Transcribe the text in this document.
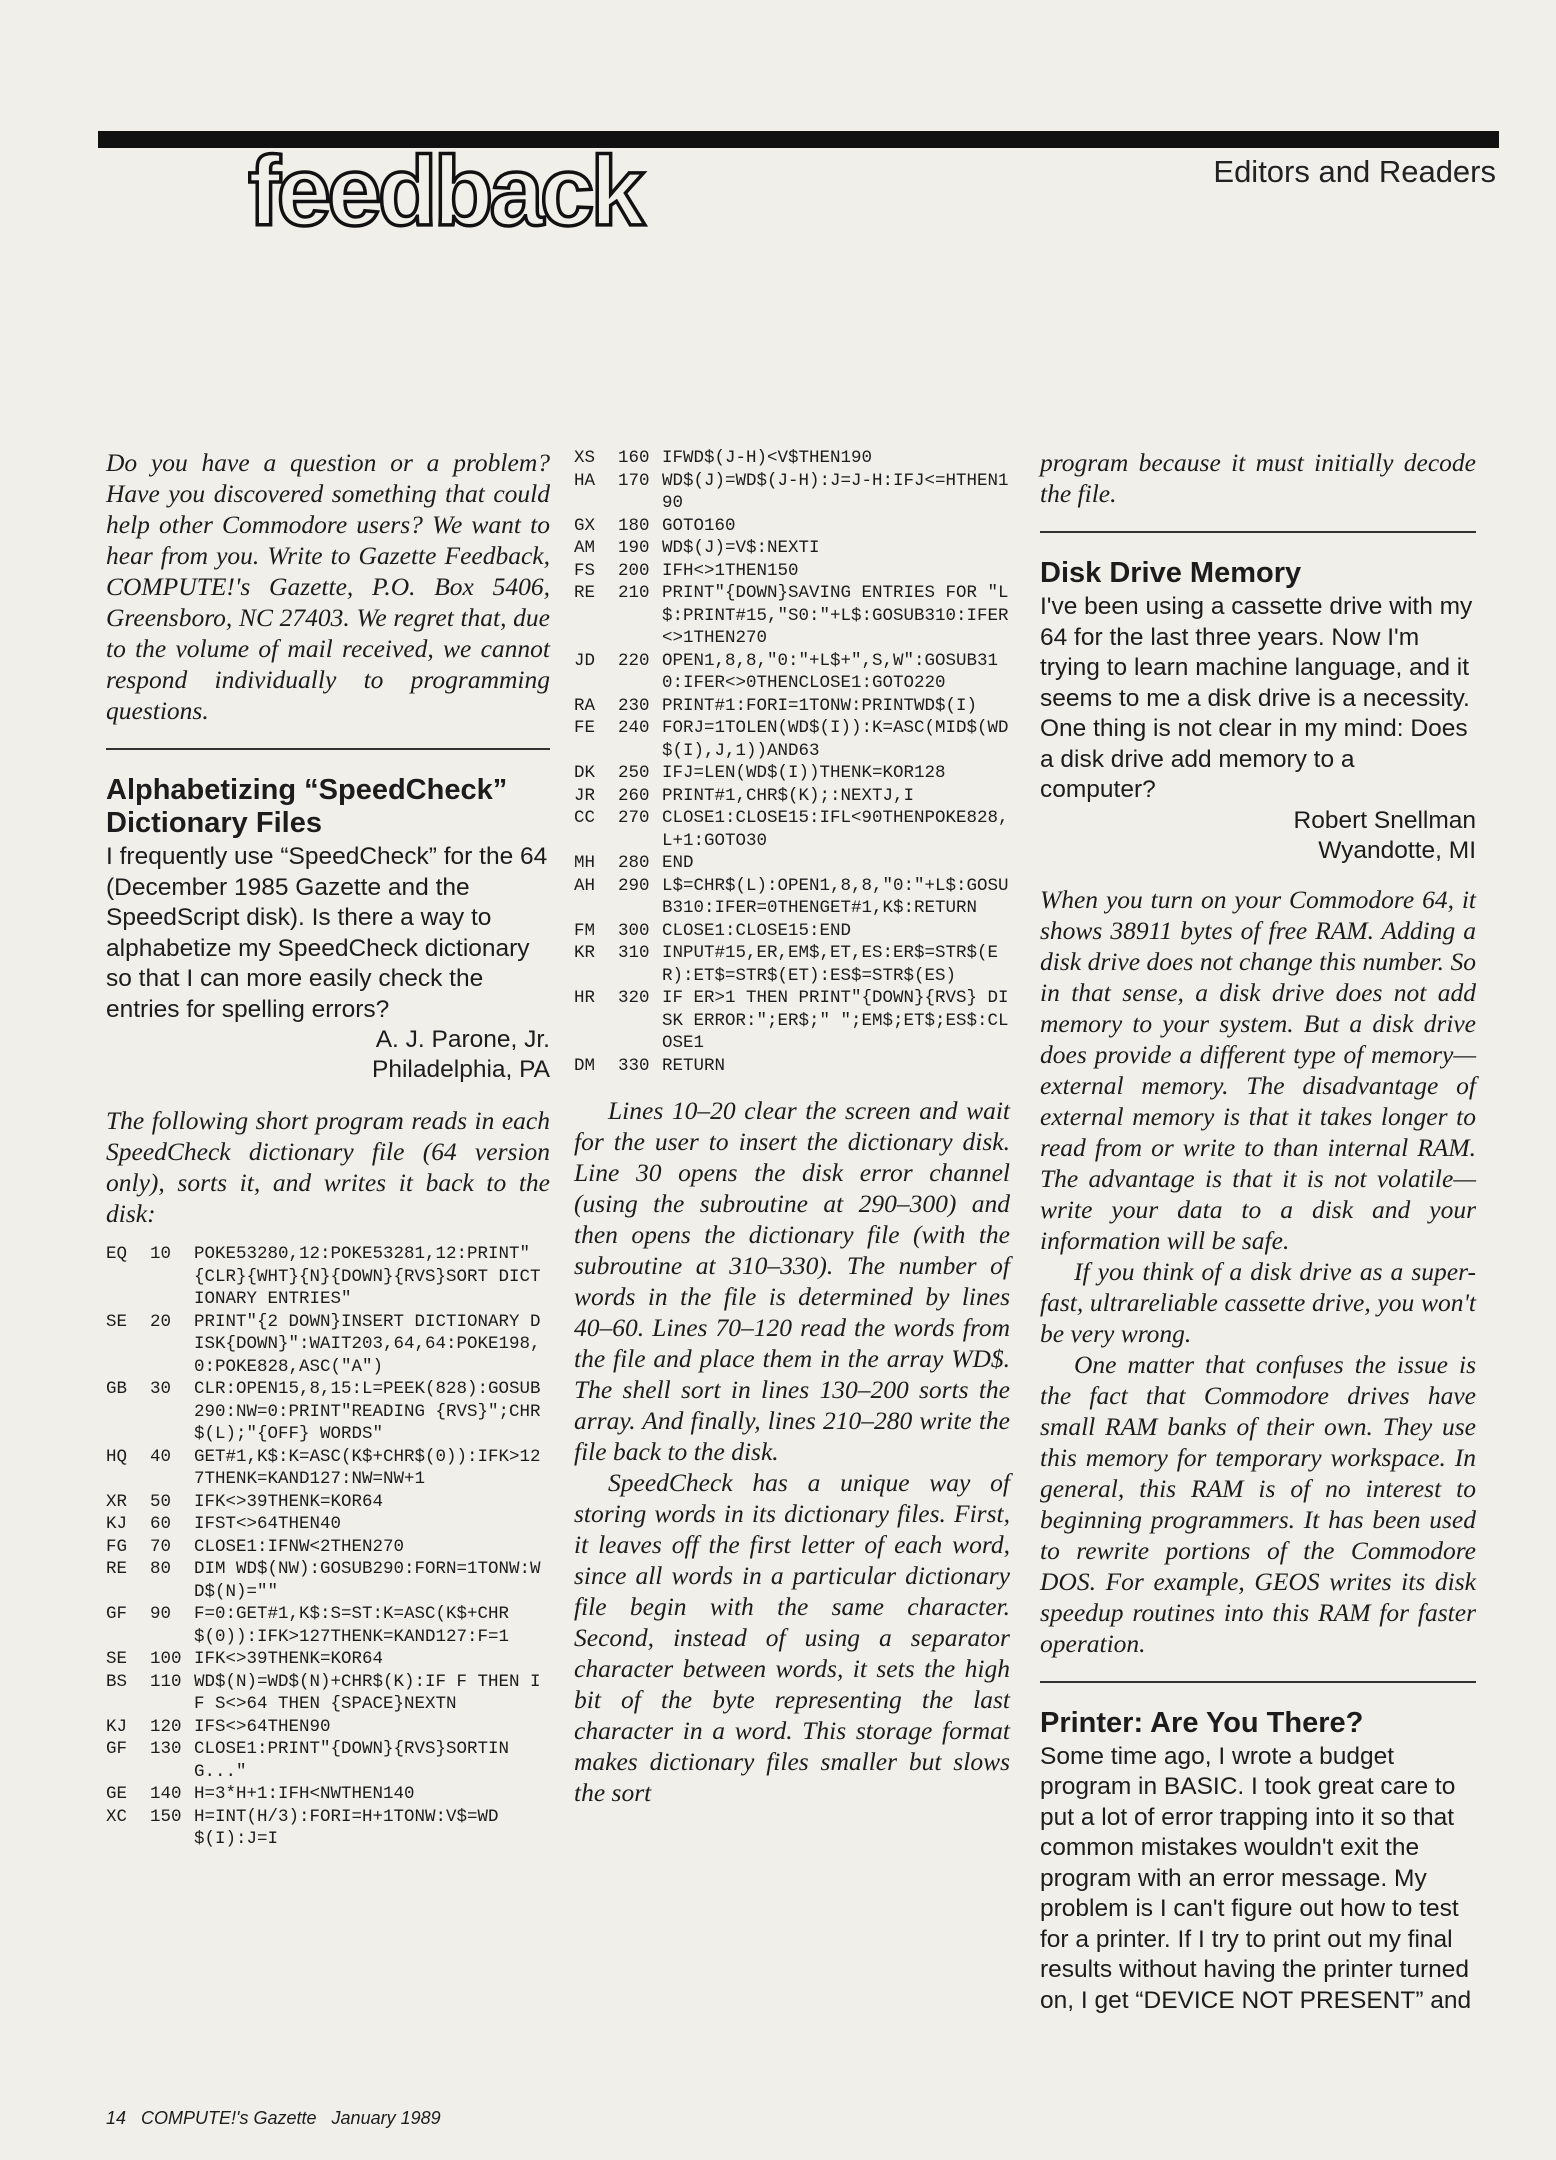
feedback	Editors and Readers

Do you have a question or a problem? Have you discovered something that could help other Commodore users? We want to hear from you. Write to Gazette Feedback, COMPUTE!'s Gazette, P.O. Box 5406, Greensboro, NC 27403. We regret that, due to the volume of mail received, we cannot respond individually to programming questions.

Alphabetizing “SpeedCheck” Dictionary Files

I frequently use “SpeedCheck” for the 64 (December 1985 Gazette and the SpeedScript disk). Is there a way to alphabetize my SpeedCheck dictionary so that I can more easily check the entries for spelling errors?

A. J. Parone, Jr.
Philadelphia, PA

The following short program reads in each SpeedCheck dictionary file (64 version only), sorts it, and writes it back to the disk:

EQ	10	POKE53280,12:POKE53281,12:PRINT"{CLR}{WHT}{N}{DOWN}{RVS}SORT DICTIONARY ENTRIES"
SE	20	PRINT"{2 DOWN}INSERT DICTIONARY DISK{DOWN}":WAIT203,64,64:POKE198,0:POKE828,ASC("A")
GB	30	CLR:OPEN15,8,15:L=PEEK(828):GOSUB290:NW=0:PRINT"READING {RVS}";CHR$(L);"{OFF} WORDS"
HQ	40	GET#1,K$:K=ASC(K$+CHR$(0)):IFK>127THENK=KAND127:NW=NW+1
XR	50	IFK<>39THENK=KOR64
KJ	60	IFST<>64THEN40
FG	70	CLOSE1:IFNW<2THEN270
RE	80	DIM WD$(NW):GOSUB290:FORN=1TONW:WD$(N)=""
GF	90	F=0:GET#1,K$:S=ST:K=ASC(K$+CHR$(0)):IFK>127THENK=KAND127:F=1
SE	100 IFK<>39THENK=KOR64
BS	110 WD$(N)=WD$(N)+CHR$(K):IF F THEN IF S<>64 THEN {SPACE}NEXTN
KJ	120 IFS<>64THEN90
GF	130 CLOSE1:PRINT"{DOWN}{RVS}SORTING..."
GE	140 H=3*H+1:IFH<NWTHEN140
XC	150 H=INT(H/3):FORI=H+1TONW:V$=WD$(I):J=I
XS	160 IFWD$(J-H)<V$THEN190
HA	170 WD$(J)=WD$(J-H):J=J-H:IFJ<=HTHEN190
GX	180 GOTO160
AM	190 WD$(J)=V$:NEXTI
FS	200 IFH<>1THEN150
RE	210 PRINT"{DOWN}SAVING ENTRIES FOR "L$:PRINT#15,"S0:"+L$:GOSUB310:IFER<>1THEN270
JD	220 OPEN1,8,8,"0:"+L$+",S,W":GOSUB310:IFER<>0THENCLOSE1:GOTO220
RA	230 PRINT#1:FORI=1TONW:PRINTWD$(I)
FE	240 FORJ=1TOLEN(WD$(I)):K=ASC(MID$(WD$(I),J,1))AND63
DK	250 IFJ=LEN(WD$(I))THENK=KOR128
JR	260 PRINT#1,CHR$(K);:NEXTJ,I
CC	270 CLOSE1:CLOSE15:IFL<90THENPOKE828,L+1:GOTO30
MH	280 END
AH	290 L$=CHR$(L):OPEN1,8,8,"0:"+L$:GOSUB310:IFER=0THENGET#1,K$:RETURN
FM	300 CLOSE1:CLOSE15:END
KR	310 INPUT#15,ER,EM$,ET,ES:ER$=STR$(ER):ET$=STR$(ET):ES$=STR$(ES)
HR	320 IF ER>1 THEN PRINT"{DOWN}{RVS} DISK ERROR:";ER$;" ";EM$;ET$;ES$:CLOSE1
DM	330 RETURN

Lines 10–20 clear the screen and wait for the user to insert the dictionary disk. Line 30 opens the disk error channel (using the subroutine at 290–300) and then opens the dictionary file (with the subroutine at 310–330). The number of words in the file is determined by lines 40–60. Lines 70–120 read the words from the file and place them in the array WD$. The shell sort in lines 130–200 sorts the array. And finally, lines 210–280 write the file back to the disk.

SpeedCheck has a unique way of storing words in its dictionary files. First, it leaves off the first letter of each word, since all words in a particular dictionary file begin with the same character. Second, instead of using a separator character between words, it sets the high bit of the byte representing the last character in a word. This storage format makes dictionary files smaller but slows the sort

program because it must initially decode the file.

Disk Drive Memory

I've been using a cassette drive with my 64 for the last three years. Now I'm trying to learn machine language, and it seems to me a disk drive is a necessity. One thing is not clear in my mind: Does a disk drive add memory to a computer?

Robert Snellman
Wyandotte, MI

When you turn on your Commodore 64, it shows 38911 bytes of free RAM. Adding a disk drive does not change this number. So in that sense, a disk drive does not add memory to your system. But a disk drive does provide a different type of memory—external memory. The disadvantage of external memory is that it takes longer to read from or write to than internal RAM. The advantage is that it is not volatile—write your data to a disk and your information will be safe.

If you think of a disk drive as a super-fast, ultrareliable cassette drive, you won't be very wrong.

One matter that confuses the issue is the fact that Commodore drives have small RAM banks of their own. They use this memory for temporary workspace. In general, this RAM is of no interest to beginning programmers. It has been used to rewrite portions of the Commodore DOS. For example, GEOS writes its disk speedup routines into this RAM for faster operation.

Printer: Are You There?

Some time ago, I wrote a budget program in BASIC. I took great care to put a lot of error trapping into it so that common mistakes wouldn't exit the program with an error message. My problem is I can't figure out how to test for a printer. If I try to print out my final results without having the printer turned on, I get “DEVICE NOT PRESENT” and

14 COMPUTE!'s Gazette January 1989
